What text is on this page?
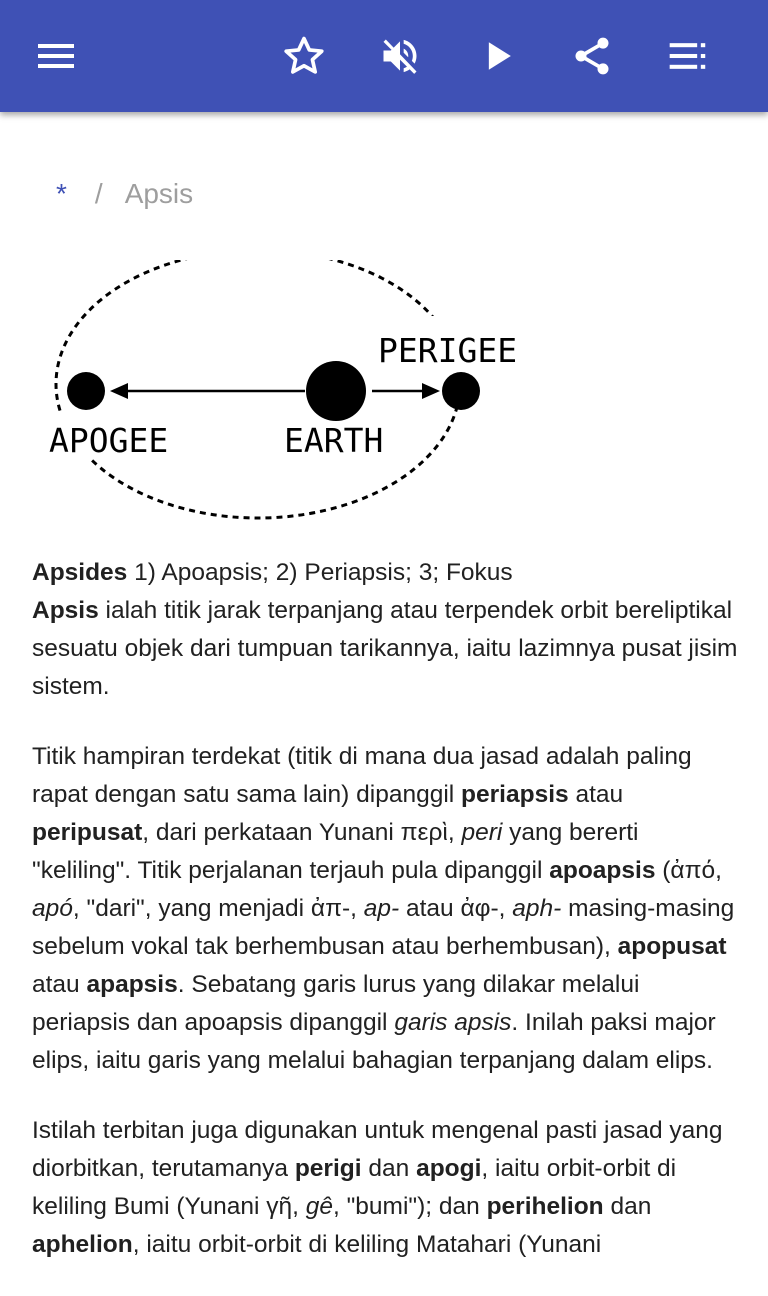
* / Apsis
PERIGEE
APOGEE	EARTH
Apsides 1) Apoapsis; 2) Periapsis; 3; Fokus

Apsis ialah titik jarak terpanjang atau terpendek orbit bereliptikal sesuatu objek dari tumpuan tarikannya, iaitu lazimnya pusat jisim sistem.

Titik hampiran terdekat (titik di mana dua jasad adalah paling rapat dengan satu sama lain) dipanggil periapsis atau peripusat, dari perkataan Yunani περὶ, peri yang bererti "keliling". Titik perjalanan terjauh pula dipanggil apoapsis (ἀπό, apó, "dari", yang menjadi ἀπ-, ap- atau ἀφ-, aph- masing-masing sebelum vokal tak berhembusan atau berhembusan), apopusat atau apapsis. Sebatang garis lurus yang dilakar melalui periapsis dan apoapsis dipanggil garis apsis. Inilah paksi major elips, iaitu garis yang melalui bahagian terpanjang dalam elips.

Istilah terbitan juga digunakan untuk mengenal pasti jasad yang diorbitkan, terutamanya perigi dan apogi, iaitu orbit-orbit di keliling Bumi (Yunani γῆ, gê, "bumi"); dan perihelion dan aphelion, iaitu orbit-orbit di keliling Matahari (Yunani
